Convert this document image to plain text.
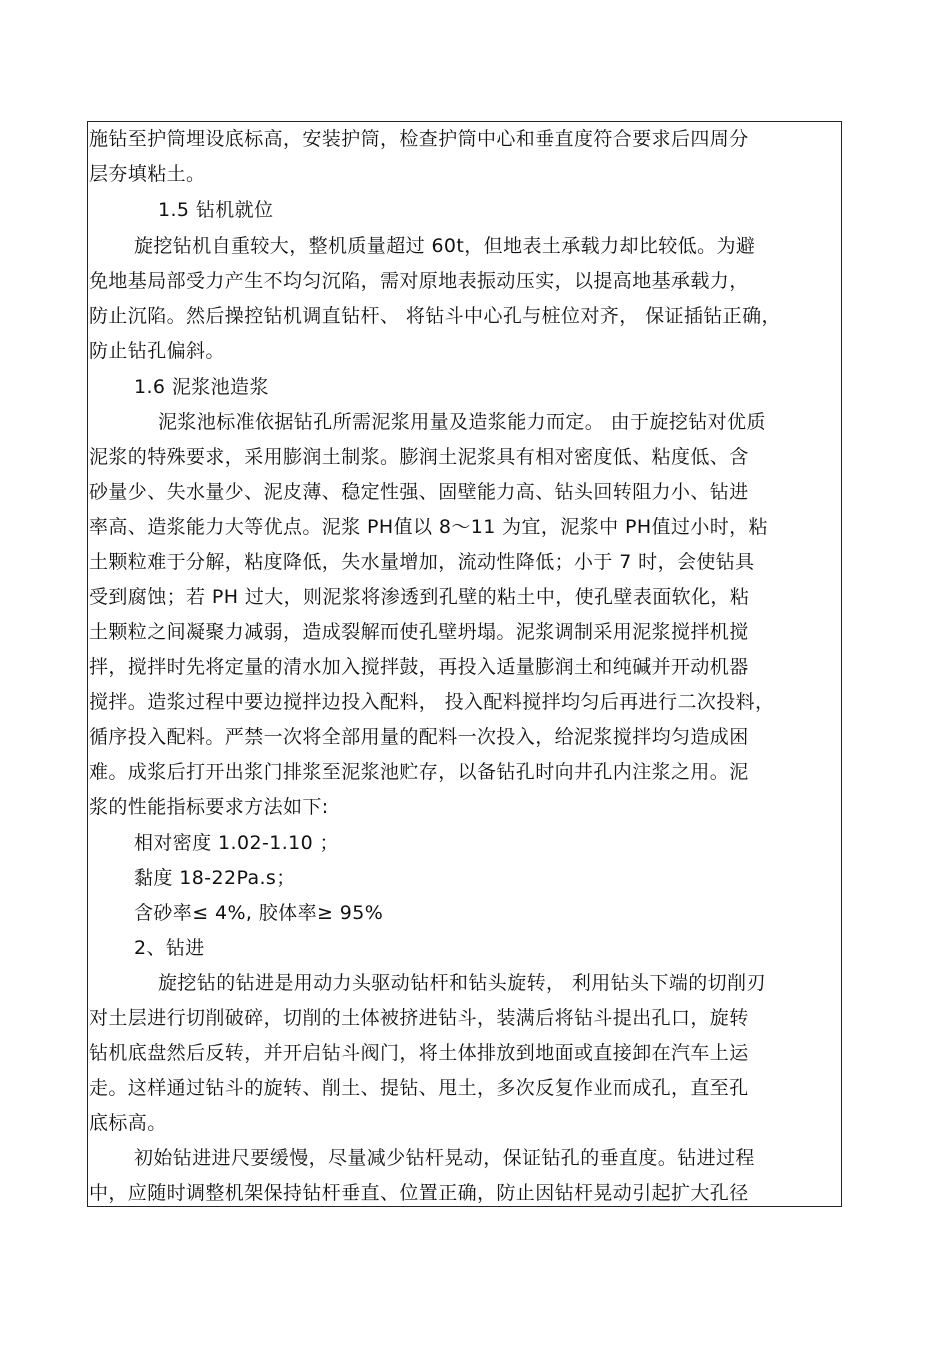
施钻至护筒埋设底标高，安装护筒，检查护筒中心和垂直度符合要求后四周分
层夯填粘土。
1.5 钻机就位
旋挖钻机自重较大，整机质量超过 60t，但地表土承载力却比较低。为避
免地基局部受力产生不均匀沉陷，需对原地表振动压实，以提高地基承载力，
防止沉陷。然后操控钻机调直钻杆、 将钻斗中心孔与桩位对齐， 保证插钻正确，
防止钻孔偏斜。
1.6 泥浆池造浆
泥浆池标准依据钻孔所需泥浆用量及造浆能力而定。 由于旋挖钻对优质
泥浆的特殊要求，采用膨润土制浆。膨润土泥浆具有相对密度低、粘度低、含
砂量少、失水量少、泥皮薄、稳定性强、固壁能力高、钻头回转阻力小、钻进
率高、造浆能力大等优点。泥浆 PH值以 8～11 为宜，泥浆中 PH值过小时，粘
土颗粒难于分解，粘度降低，失水量增加，流动性降低；小于 7 时，会使钻具
受到腐蚀；若 PH 过大，则泥浆将渗透到孔壁的粘土中，使孔壁表面软化，粘
土颗粒之间凝聚力减弱，造成裂解而使孔壁坍塌。泥浆调制采用泥浆搅拌机搅
拌，搅拌时先将定量的清水加入搅拌鼓，再投入适量膨润土和纯碱并开动机器
搅拌。造浆过程中要边搅拌边投入配料， 投入配料搅拌均匀后再进行二次投料，
循序投入配料。严禁一次将全部用量的配料一次投入，给泥浆搅拌均匀造成困
难。成浆后打开出浆门排浆至泥浆池贮存，以备钻孔时向井孔内注浆之用。泥
浆的性能指标要求方法如下:
相对密度 1.02-1.10 ；
黏度 18-22Pa.s；
含砂率≤ 4%, 胶体率≥ 95%
2、钻进
旋挖钻的钻进是用动力头驱动钻杆和钻头旋转， 利用钻头下端的切削刃
对土层进行切削破碎，切削的土体被挤进钻斗，装满后将钻斗提出孔口，旋转
钻机底盘然后反转，并开启钻斗阀门，将土体排放到地面或直接卸在汽车上运
走。这样通过钻斗的旋转、削土、提钻、甩土，多次反复作业而成孔，直至孔
底标高。
初始钻进进尺要缓慢，尽量减少钻杆晃动，保证钻孔的垂直度。钻进过程
中，应随时调整机架保持钻杆垂直、位置正确，防止因钻杆晃动引起扩大孔径
